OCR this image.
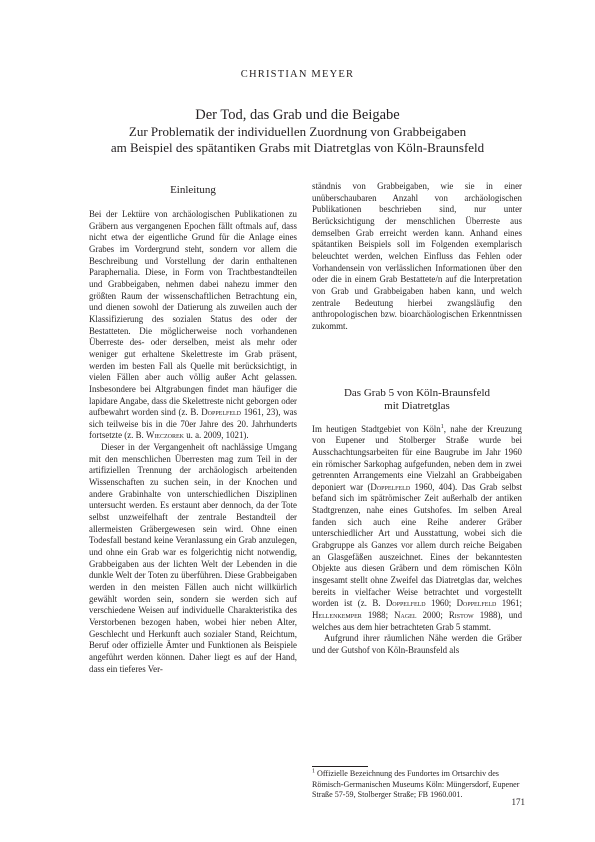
CHRISTIAN MEYER
Der Tod, das Grab und die Beigabe
Zur Problematik der individuellen Zuordnung von Grabbeigaben
am Beispiel des spätantiken Grabs mit Diatretglas von Köln-Braunsfeld
Einleitung

Bei der Lektüre von archäologischen Publikationen zu Gräbern aus vergangenen Epochen fällt oftmals auf, dass nicht etwa der eigentliche Grund für die Anlage eines Grabes im Vordergrund steht, sondern vor allem die Beschreibung und Vorstellung der darin enthaltenen Paraphernalia. Diese, in Form von Trachtbestandteilen und Grabbeigaben, nehmen dabei nahezu immer den größten Raum der wissenschaftlichen Betrachtung ein, und dienen sowohl der Datierung als zuweilen auch der Klassifizierung des sozialen Status des oder der Bestatteten. Die möglicherweise noch vorhandenen Überreste des- oder derselben, meist als mehr oder weniger gut erhaltene Skelettreste im Grab präsent, werden im besten Fall als Quelle mit berücksichtigt, in vielen Fällen aber auch völlig außer Acht gelassen. Insbesondere bei Altgrabungen findet man häufiger die lapidare Angabe, dass die Skelettreste nicht geborgen oder aufbewahrt worden sind (z. B. Doppelfeld 1961, 23), was sich teilweise bis in die 70er Jahre des 20. Jahrhunderts fortsetzte (z. B. Wieczorek u. a. 2009, 1021).

Dieser in der Vergangenheit oft nachlässige Umgang mit den menschlichen Überresten mag zum Teil in der artifiziellen Trennung der archäologisch arbeitenden Wissenschaften zu suchen sein, in der Knochen und andere Grabinhalte von unterschiedlichen Disziplinen untersucht werden. Es erstaunt aber dennoch, da der Tote selbst unzweifelhaft der zentrale Bestandteil der allermeisten Gräbergewesen sein wird. Ohne einen Todesfall bestand keine Veranlassung ein Grab anzulegen, und ohne ein Grab war es folgerichtig nicht notwendig, Grabbeigaben aus der lichten Welt der Lebenden in die dunkle Welt der Toten zu überführen. Diese Grabbeigaben werden in den meisten Fällen auch nicht willkürlich gewählt worden sein, sondern sie werden sich auf verschiedene Weisen auf individuelle Charakteristika des Verstorbenen bezogen haben, wobei hier neben Alter, Geschlecht und Herkunft auch sozialer Stand, Reichtum, Beruf oder offizielle Ämter und Funktionen als Beispiele angeführt werden können. Daher liegt es auf der Hand, dass ein tieferes Ver-

ständnis von Grabbeigaben, wie sie in einer unüberschaubaren Anzahl von archäologischen Publikationen beschrieben sind, nur unter Berücksichtigung der menschlichen Überreste aus demselben Grab erreicht werden kann. Anhand eines spätantiken Beispiels soll im Folgenden exemplarisch beleuchtet werden, welchen Einfluss das Fehlen oder Vorhandensein von verlässlichen Informationen über den oder die in einem Grab Bestattete/n auf die Interpretation von Grab und Grabbeigaben haben kann, und welch zentrale Bedeutung hierbei zwangsläufig den anthropologischen bzw. bioarchäologischen Erkenntnissen zukommt.

Das Grab 5 von Köln-Braunsfeld
mit Diatretglas

Im heutigen Stadtgebiet von Köln$^1$, nahe der Kreuzung von Eupener und Stolberger Straße wurde bei Ausschachtungsarbeiten für eine Baugrube im Jahr 1960 ein römischer Sarkophag aufgefunden, neben dem in zwei getrennten Arrangements eine Vielzahl an Grabbeigaben deponiert war (Doppelfeld 1960, 404). Das Grab selbst befand sich im spätrömischer Zeit außerhalb der antiken Stadtgrenzen, nahe eines Gutshofes. Im selben Areal fanden sich auch eine Reihe anderer Gräber unterschiedlicher Art und Ausstattung, wobei sich die Grabgruppe als Ganzes vor allem durch reiche Beigaben an Glasgefäßen auszeichnet. Eines der bekanntesten Objekte aus diesen Gräbern und dem römischen Köln insgesamt stellt ohne Zweifel das Diatretglas dar, welches bereits in vielfacher Weise betrachtet und vorgestellt worden ist (z. B. Doppelfeld 1960; Doppelfeld 1961; Hellenkemper 1988; Nagel 2000; Ristow 1988), und welches aus dem hier betrachteten Grab 5 stammt.

Aufgrund ihrer räumlichen Nähe werden die Gräber und der Gutshof von Köln-Braunsfeld als

$^1$ Offizielle Bezeichnung des Fundortes im Ortsarchiv des Römisch-Germanischen Museums Köln: Müngersdorf, Eupener Straße 57-59, Stolberger Straße; FB 1960.001.
171
